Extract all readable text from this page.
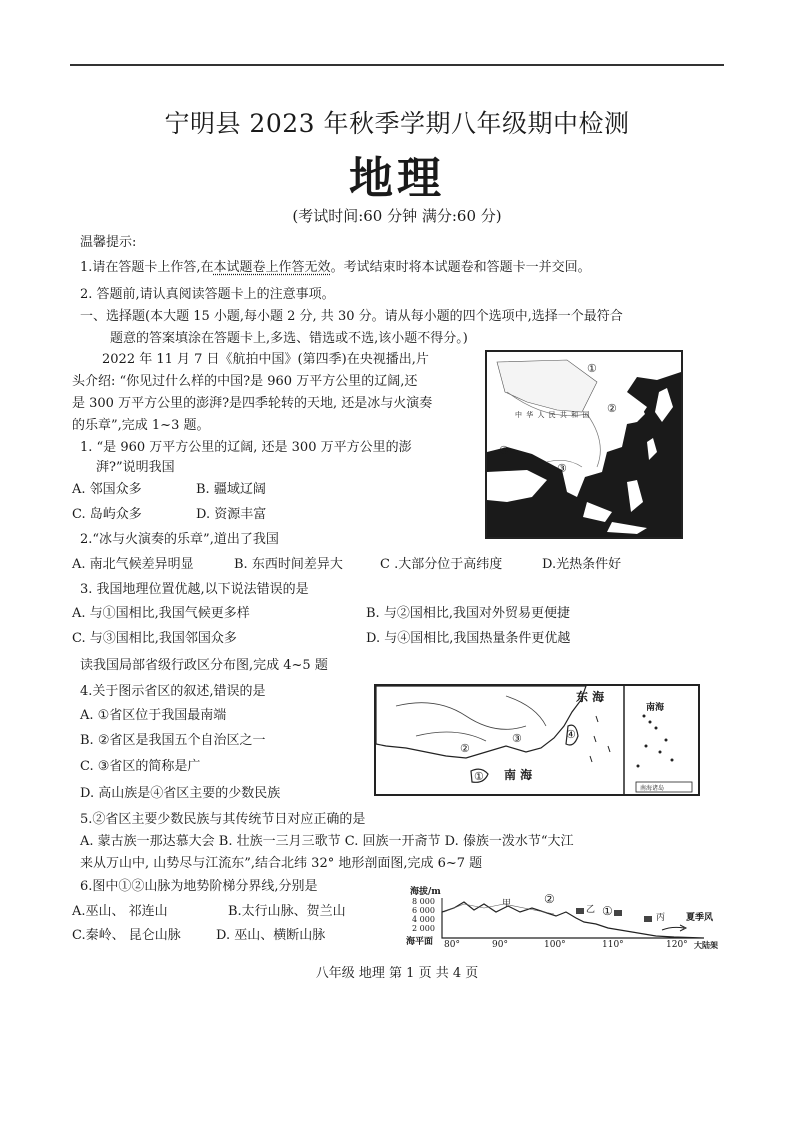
宁明县 2023 年秋季学期八年级期中检测
地理
(考试时间:60 分钟 满分:60 分)
温馨提示:
1.请在答题卡上作答,在本试题卷上作答无效。考试结束时将本试题卷和答题卡一并交回。
2. 答题前,请认真阅读答题卡上的注意事项。
一、选择题(本大题 15 小题,每小题 2 分, 共 30 分。请从每小题的四个选项中,选择一个最符合
题意的答案填涂在答题卡上,多选、错选或不选,该小题不得分。)
2022 年 11 月 7 日《航拍中国》(第四季)在央视播出,片
头介绍: “你见过什么样的中国?是 960 万平方公里的辽阔,还
是 300 万平方公里的澎湃?是四季轮转的天地, 还是冰与火演奏
的乐章”,完成 1~3 题。
1. “是 960 万平方公里的辽阔, 还是 300 万平方公里的澎
湃?”说明我国
A. 邻国众多	B. 疆域辽阔
C. 岛屿众多	D. 资源丰富
中 华 人 民 共 和 国
①
②
③
④
2.“冰与火演奏的乐章”,道出了我国
A. 南北气候差异明显	B. 东西时间差异大	C .大部分位于高纬度	D.光热条件好
3. 我国地理位置优越,以下说法错误的是
A. 与①国相比,我国气候更多样	B. 与②国相比,我国对外贸易更便捷
C. 与③国相比,我国邻国众多	D. 与④国相比,我国热量条件更优越
读我国局部省级行政区分布图,完成 4~5 题
4.关于图示省区的叙述,错误的是
A. ①省区位于我国最南端
B. ②省区是我国五个自治区之一
C. ③省区的简称是广
D. 高山族是④省区主要的少数民族
东 海
南 海
南海
南海诸岛
①
②
③	④
5.②省区主要少数民族与其传统节日对应正确的是
A. 蒙古族一那达慕大会 B. 壮族一三月三歌节 C. 回族一开斋节 D. 傣族一泼水节“大江
来从万山中, 山势尽与江流东”,结合北纬 32° 地形剖面图,完成 6~7 题
6.图中①②山脉为地势阶梯分界线,分别是
A.巫山、 祁连山	B.太行山脉、贺兰山
C.秦岭、 昆仑山脉	D. 巫山、横断山脉
海拔/m
8 000
6 000
4 000
2 000
海平面 80°	90°	100°	110°	120° 大陆架
甲	②
①
乙
丙 夏季风
八年级 地理 第 1 页 共 4 页
